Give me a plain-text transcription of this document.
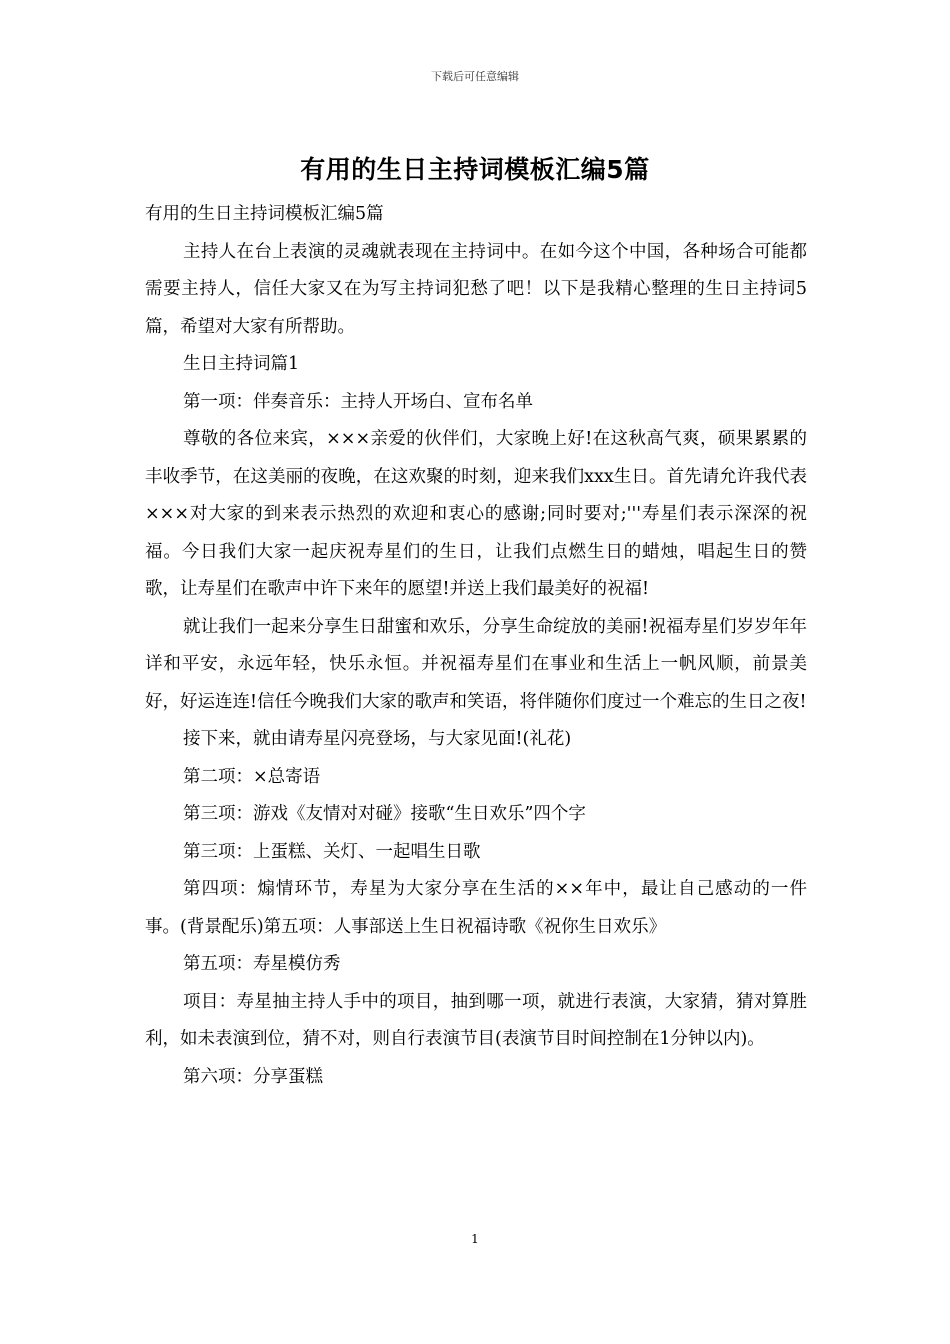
下载后可任意编辑
有用的生日主持词模板汇编5篇

有用的生日主持词模板汇编5篇

主持人在台上表演的灵魂就表现在主持词中。在如今这个中国，各种场合可能都需要主持人，信任大家又在为写主持词犯愁了吧！以下是我精心整理的生日主持词5篇，希望对大家有所帮助。

生日主持词篇1

第一项：伴奏音乐：主持人开场白、宣布名单

尊敬的各位来宾，×××亲爱的伙伴们，大家晚上好!在这秋高气爽，硕果累累的丰收季节，在这美丽的夜晚，在这欢聚的时刻，迎来我们xxx生日。首先请允许我代表×××对大家的到来表示热烈的欢迎和衷心的感谢;同时要对;'''寿星们表示深深的祝福。今日我们大家一起庆祝寿星们的生日，让我们点燃生日的蜡烛，唱起生日的赞歌，让寿星们在歌声中许下来年的愿望!并送上我们最美好的祝福!

就让我们一起来分享生日甜蜜和欢乐，分享生命绽放的美丽!祝福寿星们岁岁年年详和平安，永远年轻，快乐永恒。并祝福寿星们在事业和生活上一帆风顺，前景美好，好运连连!信任今晚我们大家的歌声和笑语，将伴随你们度过一个难忘的生日之夜!

接下来，就由请寿星闪亮登场，与大家见面!(礼花)

第二项：×总寄语

第三项：游戏《友情对对碰》接歌“生日欢乐”四个字

第三项：上蛋糕、关灯、一起唱生日歌

第四项：煽情环节，寿星为大家分享在生活的××年中，最让自己感动的一件事。(背景配乐)第五项：人事部送上生日祝福诗歌《祝你生日欢乐》

第五项：寿星模仿秀

项目：寿星抽主持人手中的项目，抽到哪一项，就进行表演，大家猜，猜对算胜利，如未表演到位，猜不对，则自行表演节目(表演节目时间控制在1分钟以内)。

第六项：分享蛋糕

1
